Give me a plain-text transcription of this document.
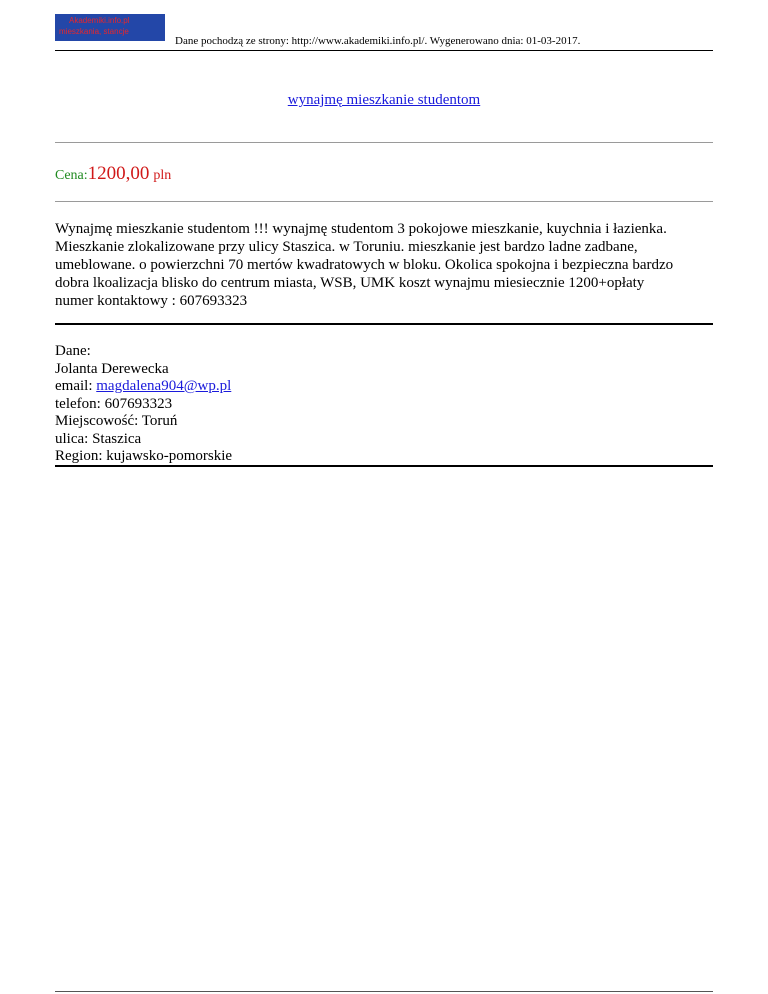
Akademiki.info.pl
mieszkania, stancje
Dane pochodzą ze strony: http://www.akademiki.info.pl/. Wygenerowano dnia: 01-03-2017.
wynajmę mieszkanie studentom
Cena:1200,00 pln
Wynajmę mieszkanie studentom !!! wynajmę studentom 3 pokojowe mieszkanie, kuychnia i łazienka.
Mieszkanie zlokalizowane przy ulicy Staszica. w Toruniu. mieszkanie jest bardzo ladne zadbane,
umeblowane. o powierzchni 70 mertów kwadratowych w bloku. Okolica spokojna i bezpieczna bardzo
dobra lkoalizacja blisko do centrum miasta, WSB, UMK koszt wynajmu miesiecznie 1200+opłaty
numer kontaktowy : 607693323
Dane:
Jolanta Derewecka
email: magdalena904@wp.pl
telefon: 607693323
Miejscowość: Toruń
ulica: Staszica
Region: kujawsko-pomorskie
